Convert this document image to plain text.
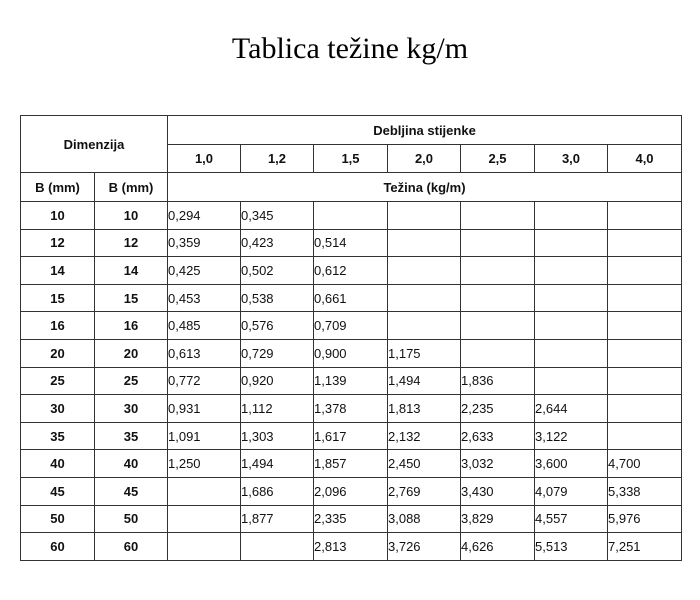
Tablica težine kg/m
Dimenzija		Debljina stijenke						
		1,0	1,2	1,5	2,0	2,5	3,0	4,0
B (mm)	B (mm)	Težina (kg/m)						
10	10	0,294	0,345					
12	12	0,359	0,423	0,514				
14	14	0,425	0,502	0,612				
15	15	0,453	0,538	0,661				
16	16	0,485	0,576	0,709				
20	20	0,613	0,729	0,900	1,175			
25	25	0,772	0,920	1,139	1,494	1,836		
30	30	0,931	1,112	1,378	1,813	2,235	2,644	
35	35	1,091	1,303	1,617	2,132	2,633	3,122	
40	40	1,250	1,494	1,857	2,450	3,032	3,600	4,700
45	45		1,686	2,096	2,769	3,430	4,079	5,338
50	50		1,877	2,335	3,088	3,829	4,557	5,976
60	60			2,813	3,726	4,626	5,513	7,251
